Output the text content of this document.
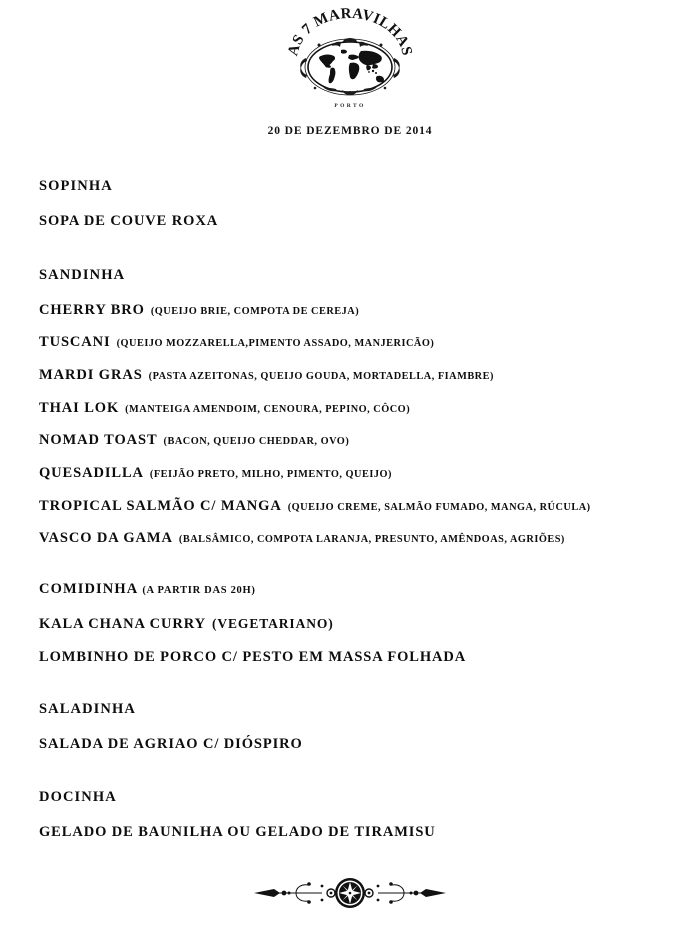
AS 7 MARAVILHAS
PORTO
20 DE DEZEMBRO DE 2014
SOPINHA
SOPA DE COUVE ROXA
SANDINHA
CHERRY BRO (QUEIJO BRIE, COMPOTA DE CEREJA)
TUSCANI (QUEIJO MOZZARELLA,PIMENTO ASSADO, MANJERICÃO)
MARDI GRAS (PASTA AZEITONAS, QUEIJO GOUDA, MORTADELLA, FIAMBRE)
THAI LOK (MANTEIGA AMENDOIM, CENOURA, PEPINO, CÔCO)
NOMAD TOAST (BACON, QUEIJO CHEDDAR, OVO)
QUESADILLA (FEIJÃO PRETO, MILHO, PIMENTO, QUEIJO)
TROPICAL SALMÃO C/ MANGA (QUEIJO CREME, SALMÃO FUMADO, MANGA, RÚCULA)
VASCO DA GAMA (BALSÂMICO, COMPOTA LARANJA, PRESUNTO, AMÊNDOAS, AGRIÕES)
COMIDINHA (A PARTIR DAS 20H)
KALA CHANA CURRY (VEGETARIANO)
LOMBINHO DE PORCO C/ PESTO EM MASSA FOLHADA
SALADINHA
SALADA DE AGRIAO C/ DIÓSPIRO
DOCINHA
GELADO DE BAUNILHA OU GELADO DE TIRAMISU
